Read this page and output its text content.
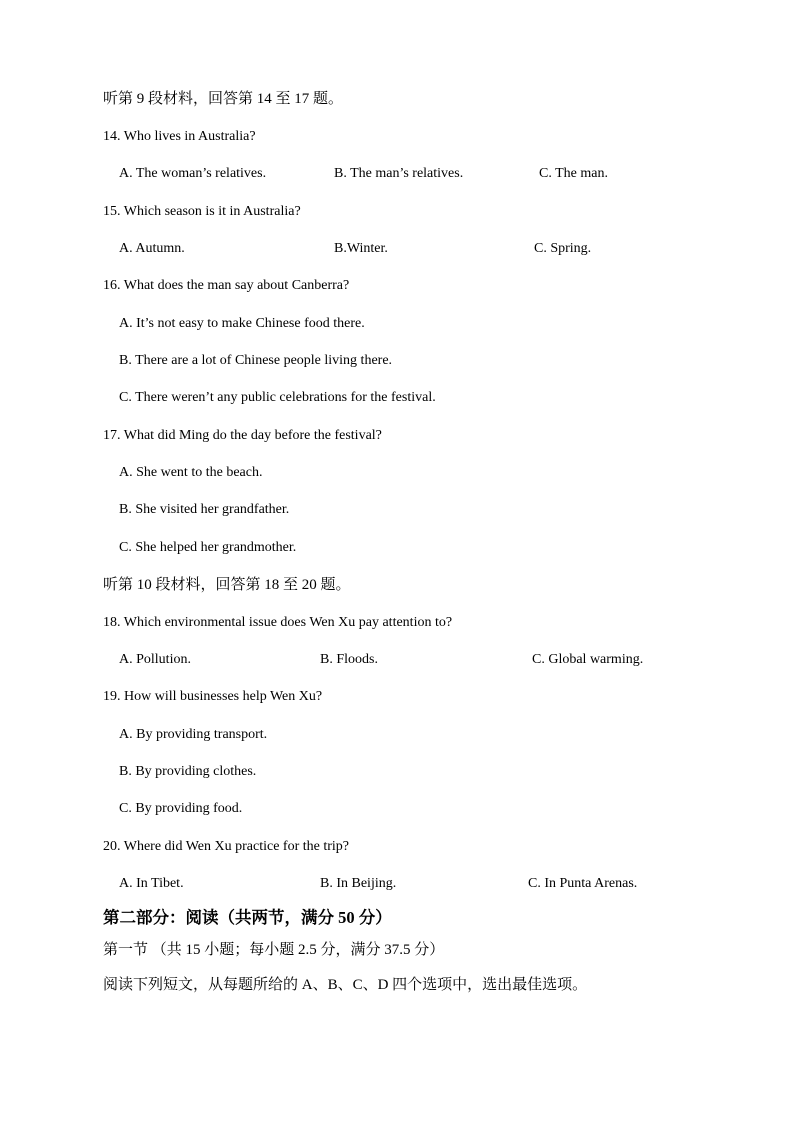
听第 9 段材料，回答第 14 至 17 题。
14. Who lives in Australia?
A. The woman’s relatives.	B. The man’s relatives.	C. The man.
15. Which season is it in Australia?
A. Autumn.	B.Winter.	C. Spring.
16. What does the man say about Canberra?
A. It’s not easy to make Chinese food there.
B. There are a lot of Chinese people living there.
C. There weren’t any public celebrations for the festival.
17. What did Ming do the day before the festival?
A. She went to the beach.
B. She visited her grandfather.
C. She helped her grandmother.
听第 10 段材料，回答第 18 至 20 题。
18. Which environmental issue does Wen Xu pay attention to?
A. Pollution.	B. Floods.	C. Global warming.
19. How will businesses help Wen Xu?
A. By providing transport.
B. By providing clothes.
C. By providing food.
20. Where did Wen Xu practice for the trip?
A. In Tibet.	B. In Beijing.	C. In Punta Arenas.
第二部分：阅读（共两节，满分 50 分）
第一节 （共 15 小题；每小题 2.5 分，满分 37.5 分）
阅读下列短文，从每题所给的 A、B、C、D 四个选项中，选出最佳选项。
